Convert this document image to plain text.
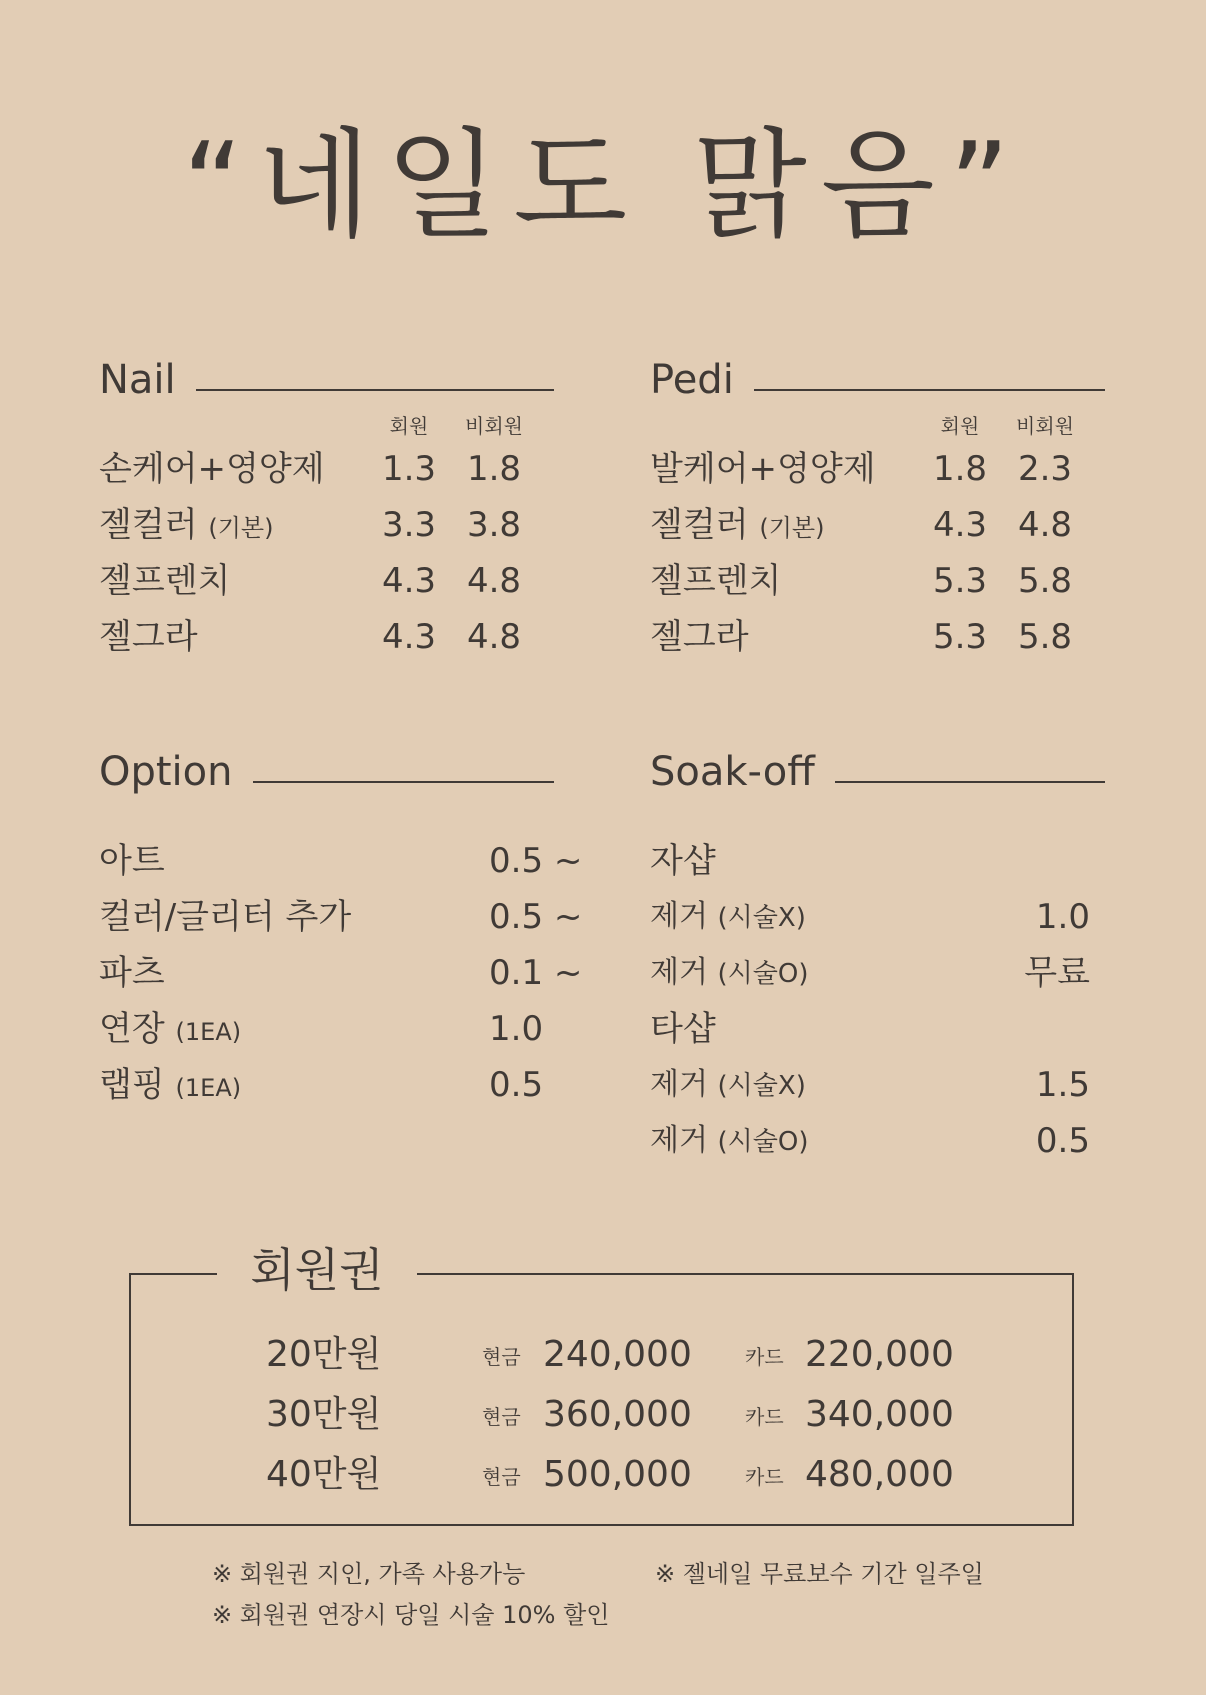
“네일도 맑음”
Nail
회원	비회원
손케어+영양제 1.3 1.8
젤컬러 (기본)	3.3 3.8
젤프렌치	4.3 4.8
젤그라	4.3 4.8
Pedi
회원	비회원
발케어+영양제 1.8 2.3
젤컬러 (기본)	4.3 4.8
젤프렌치	5.3 5.8
젤그라	5.3 5.8
Option
아트	0.5 ~
컬러/글리터 추가	0.5 ~
파츠	0.1 ~
연장 (1EA)	1.0
랩핑 (1EA)	0.5
Soak-off
자샵
제거 (시술X)	1.0
제거 (시술O)	무료
타샵
제거 (시술X)	1.5
제거 (시술O)	0.5
회원권
20만원	현금 240,000	카드 220,000
30만원	현금 360,000	카드 340,000
40만원	현금 500,000	카드 480,000
※ 회원권 지인, 가족 사용가능
※ 회원권 연장시 당일 시술 10% 할인
※ 젤네일 무료보수 기간 일주일
